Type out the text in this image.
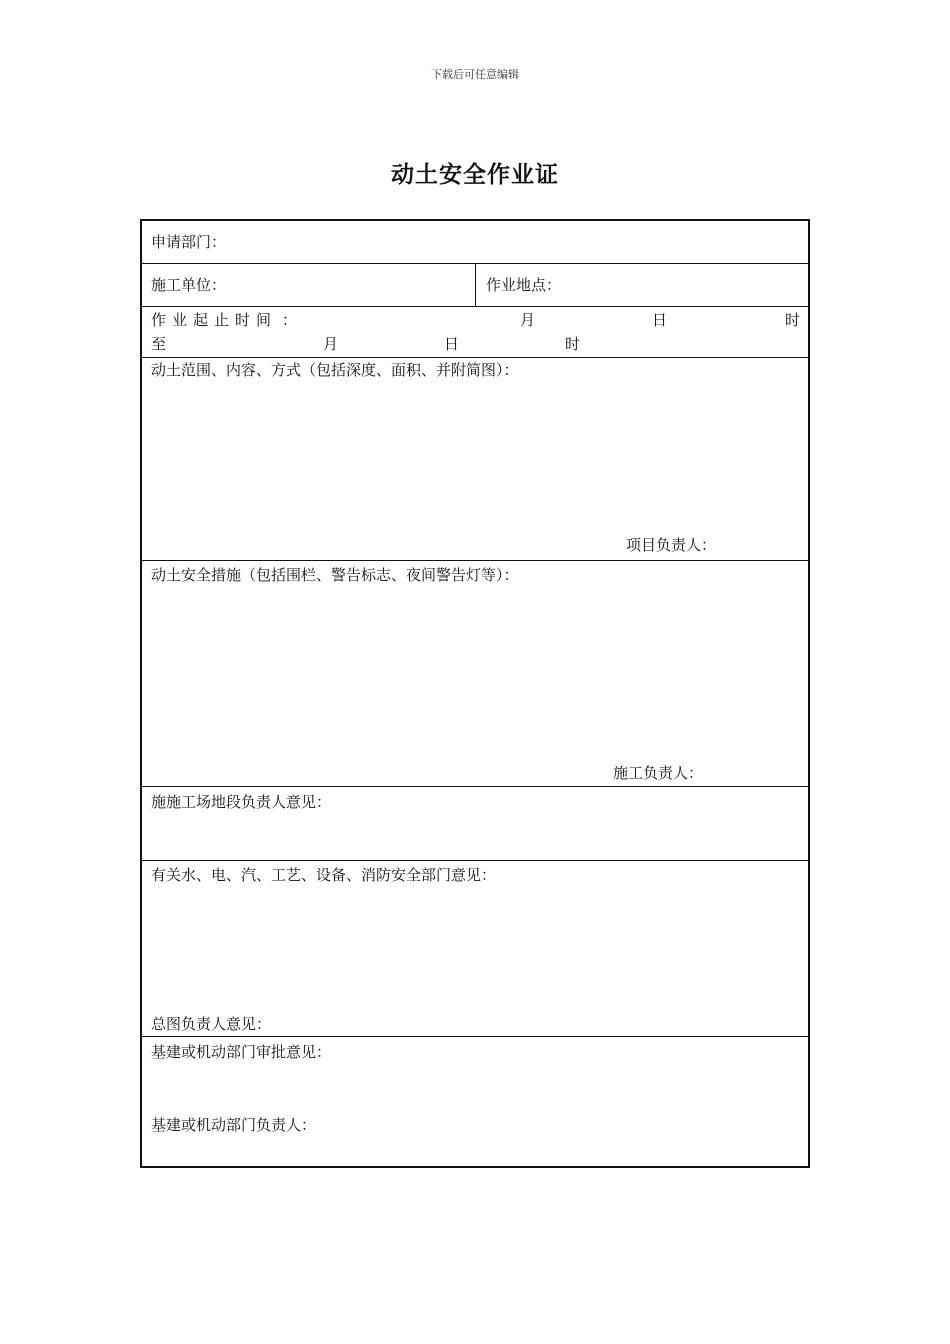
下载后可任意编辑
动土安全作业证
申请部门：
施工单位：	作业地点：
作业起止时间 ：	月	日	时
至	月	日	时
动土范围、内容、方式（包括深度、面积、并附简图）：
项目负责人：
动土安全措施（包括围栏、警告标志、夜间警告灯等）：
施工负责人：
施施工场地段负责人意见：
有关水、电、汽、工艺、设备、消防安全部门意见：
总图负责人意见：
基建或机动部门审批意见：
基建或机动部门负责人：
